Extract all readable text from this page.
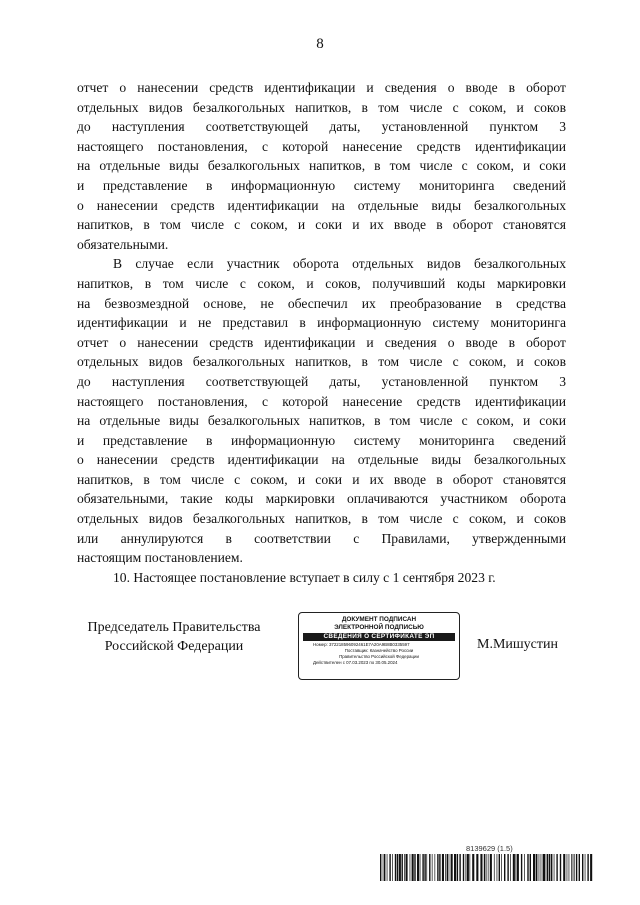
8
отчет о нанесении средств идентификации и сведения о вводе в оборот
отдельных видов безалкогольных напитков, в том числе с соком, и соков
до наступления соответствующей даты, установленной пунктом 3
настоящего постановления, с которой нанесение средств идентификации
на отдельные виды безалкогольных напитков, в том числе с соком, и соки
и представление в информационную систему мониторинга сведений
о нанесении средств идентификации на отдельные виды безалкогольных
напитков, в том числе с соком, и соки и их вводе в оборот становятся
обязательными.
В случае если участник оборота отдельных видов безалкогольных
напитков, в том числе с соком, и соков, получивший коды маркировки
на безвозмездной основе, не обеспечил их преобразование в средства
идентификации и не представил в информационную систему мониторинга
отчет о нанесении средств идентификации и сведения о вводе в оборот
отдельных видов безалкогольных напитков, в том числе с соком, и соков
до наступления соответствующей даты, установленной пунктом 3
настоящего постановления, с которой нанесение средств идентификации
на отдельные виды безалкогольных напитков, в том числе с соком, и соки
и представление в информационную систему мониторинга сведений
о нанесении средств идентификации на отдельные виды безалкогольных
напитков, в том числе с соком, и соки и их вводе в оборот становятся
обязательными, такие коды маркировки оплачиваются участником оборота
отдельных видов безалкогольных напитков, в том числе с соком, и соков
или аннулируются в соответствии с Правилами, утвержденными
настоящим постановлением.
10. Настоящее постановление вступает в силу с 1 сентября 2023 г.
Председатель Правительства
Российской Федерации
ДОКУМЕНТ ПОДПИСАН
ЭЛЕКТРОННОЙ ПОДПИСЬЮ
СВЕДЕНИЯ О СЕРТИФИКАТЕ ЭП
Номер: 372218596092461E7A20A9B8B0335597
Поставщик: Казначейство России
Правительство Российской Федерации
Действителен с 07.03.2023 по 30.05.2024
М.Мишустин
8139629 (1.5)
